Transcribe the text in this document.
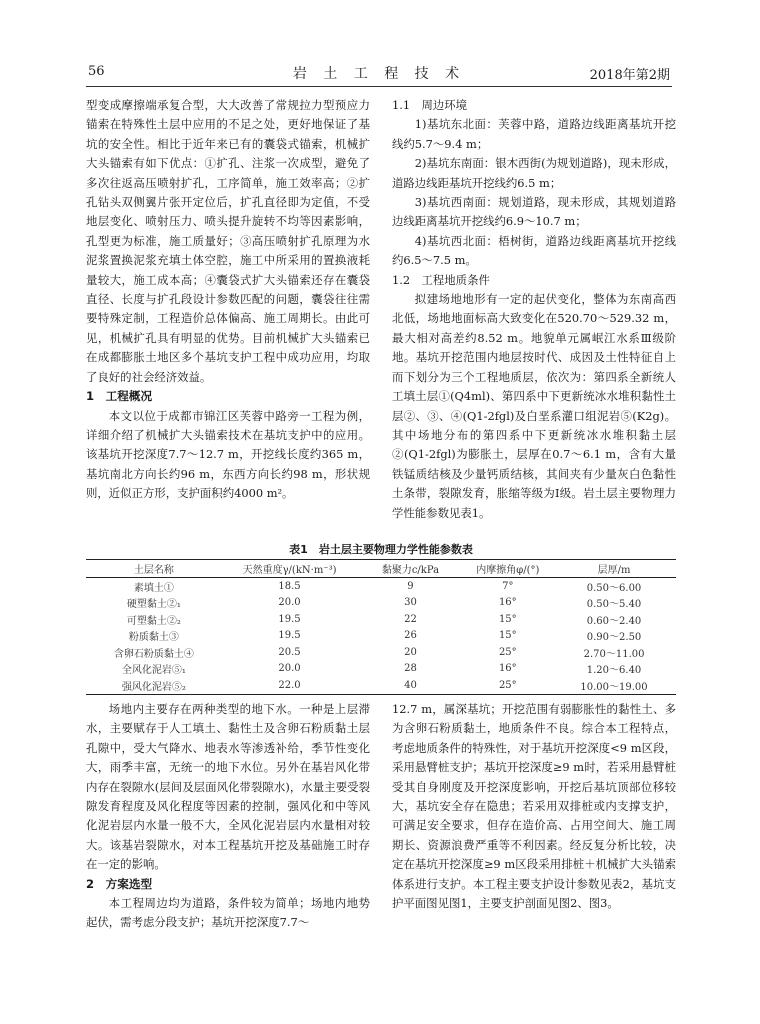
56	岩 土 工 程 技 术	2018年第2期

型变成摩擦端承复合型，大大改善了常规拉力型预应力锚索在特殊性土层中应用的不足之处，更好地保证了基坑的安全性。相比于近年来已有的囊袋式锚索，机械扩大头锚索有如下优点：①扩孔、注浆一次成型，避免了多次往返高压喷射扩孔，工序简单，施工效率高；②扩孔钻头双侧翼片张开定位后，扩孔直径即为定值，不受地层变化、喷射压力、喷头提升旋转不均等因素影响，孔型更为标准，施工质量好；③高压喷射扩孔原理为水泥浆置换泥浆充填土体空腔，施工中所采用的置换液耗量较大，施工成本高；④囊袋式扩大头锚索还存在囊袋直径、长度与扩孔段设计参数匹配的问题，囊袋往往需要特殊定制，工程造价总体偏高、施工周期长。由此可见，机械扩孔具有明显的优势。目前机械扩大头锚索已在成都膨胀土地区多个基坑支护工程中成功应用，均取了良好的社会经济效益。

1　工程概况

本文以位于成都市锦江区芙蓉中路旁一工程为例，详细介绍了机械扩大头锚索技术在基坑支护中的应用。该基坑开挖深度7.7～12.7 m，开挖线长度约365 m，基坑南北方向长约96 m，东西方向长约98 m，形状规则，近似正方形，支护面积约4000 m²。

1.1　周边环境

1)基坑东北面：芙蓉中路，道路边线距离基坑开挖线约5.7～9.4 m；

2)基坑东南面：银木西街(为规划道路)，现未形成，道路边线距基坑开挖线约6.5 m；

3)基坑西南面：规划道路，现未形成，其规划道路边线距离基坑开挖线约6.9～10.7 m；

4)基坑西北面：梧树街，道路边线距离基坑开挖线约6.5～7.5 m。

1.2　工程地质条件

拟建场地地形有一定的起伏变化，整体为东南高西北低，场地地面标高大致变化在520.70～529.32 m，最大相对高差约8.52 m。地貌单元属岷江水系Ⅲ级阶地。基坑开挖范围内地层按时代、成因及土性特征自上而下划分为三个工程地质层，依次为：第四系全新统人工填土层①(Q4ml)、第四系中下更新统冰水堆积黏性土层②、③、④(Q1-2fgl)及白垩系灌口组泥岩⑤(K2g)。其中场地分布的第四系中下更新统冰水堆积黏土层②(Q1-2fgl)为膨胀土，层厚在0.7～6.1 m，含有大量铁锰质结核及少量钙质结核，其间夹有少量灰白色黏性土条带，裂隙发育，胀缩等级为Ⅰ级。岩土层主要物理力学性能参数见表1。

表1　岩土层主要物理力学性能参数表
土层名称	天然重度γ/(kN·m⁻³)	黏聚力c/kPa	内摩擦角φ/(°)	层厚/m
素填土①	18.5	9	7°	0.50～6.00
硬塑黏土②₁	20.0	30	16°	0.50～5.40
可塑黏土②₂	19.5	22	15°	0.60～2.40
粉质黏土③	19.5	26	15°	0.90～2.50
含卵石粉质黏土④	20.5	20	25°	2.70～11.00
全风化泥岩⑤₁	20.0	28	16°	1.20～6.40
强风化泥岩⑤₂	22.0	40	25°	10.00～19.00

场地内主要存在两种类型的地下水。一种是上层滞水，主要赋存于人工填土、黏性土及含卵石粉质黏土层孔隙中，受大气降水、地表水等渗透补给，季节性变化大，雨季丰富，无统一的地下水位。另外在基岩风化带内存在裂隙水(层间及层面风化带裂隙水)，水量主要受裂隙发育程度及风化程度等因素的控制，强风化和中等风化泥岩层内水量一般不大，全风化泥岩层内水量相对较大。该基岩裂隙水，对本工程基坑开挖及基础施工时存在一定的影响。

2　方案选型

本工程周边均为道路，条件较为简单；场地内地势起伏，需考虑分段支护；基坑开挖深度7.7～

12.7 m，属深基坑；开挖范围有弱膨胀性的黏性土、多为含卵石粉质黏土，地质条件不良。综合本工程特点，考虑地质条件的特殊性，对于基坑开挖深度<9 m区段，采用悬臂桩支护；基坑开挖深度≥9 m时，若采用悬臂桩受其自身刚度及开挖深度影响，开挖后基坑顶部位移较大，基坑安全存在隐患；若采用双排桩或内支撑支护，可满足安全要求，但存在造价高、占用空间大、施工周期长、资源浪费严重等不利因素。经反复分析比较，决定在基坑开挖深度≥9 m区段采用排桩＋机械扩大头锚索体系进行支护。本工程主要支护设计参数见表2，基坑支护平面图见图1，主要支护剖面见图2、图3。
